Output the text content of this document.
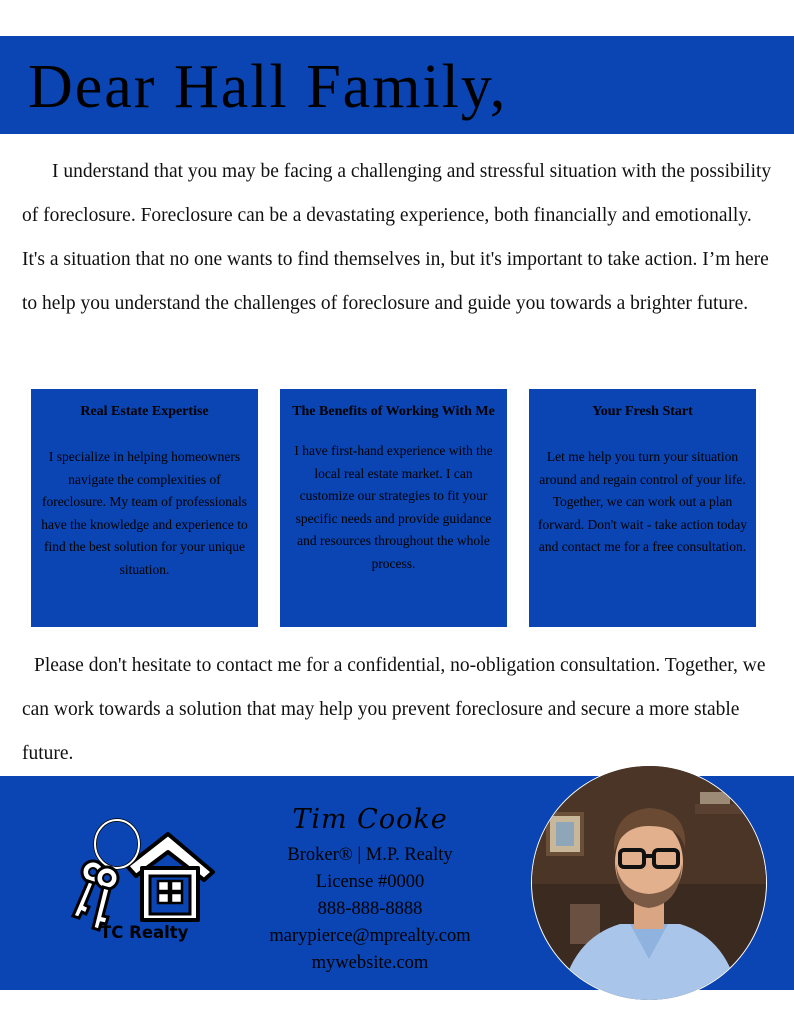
Dear Hall Family,

I understand that you may be facing a challenging and stressful situation with the possibility of foreclosure. Foreclosure can be a devastating experience, both financially and emotionally. It's a situation that no one wants to find themselves in, but it's important to take action. I’m here to help you understand the challenges of foreclosure and guide you towards a brighter future.

Real Estate Expertise

I specialize in helping homeowners navigate the complexities of foreclosure. My team of professionals have the knowledge and experience to find the best solution for your unique situation.

The Benefits of Working With Me

I have first-hand experience with the local real estate market. I can customize our strategies to fit your specific needs and provide guidance and resources throughout the whole process.

Your Fresh Start

Let me help you turn your situation around and regain control of your life. Together, we can work out a plan forward. Don't wait - take action today and contact me for a free consultation.

Please don't hesitate to contact me for a confidential, no-obligation consultation. Together, we can work towards a solution that may help you prevent foreclosure and secure a more stable future.

TC Realty

Tim Cooke

Broker® | M.P. Realty

License #0000

888-888-8888

marypierce@mprealty.com

mywebsite.com
